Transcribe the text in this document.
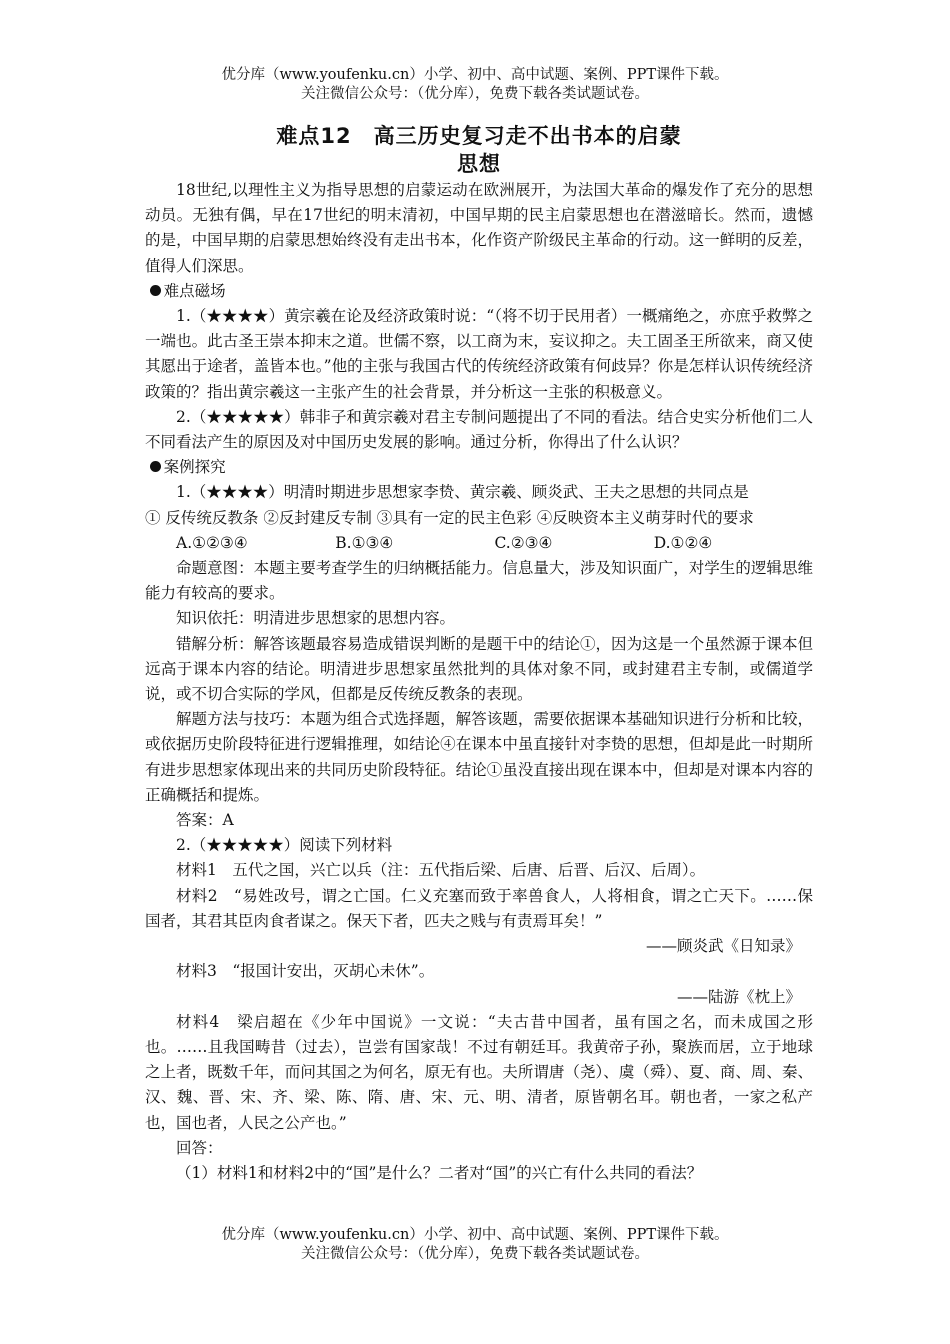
优分库（www.youfenku.cn）小学、初中、高中试题、案例、PPT课件下载。
关注微信公众号：（优分库），免费下载各类试题试卷。
难点12　高三历史复习走不出书本的启蒙
思想

18世纪,以理性主义为指导思想的启蒙运动在欧洲展开，为法国大革命的爆发作了充分的思想动员。无独有偶，早在17世纪的明末清初，中国早期的民主启蒙思想也在潜滋暗长。然而，遗憾的是，中国早期的启蒙思想始终没有走出书本，化作资产阶级民主革命的行动。这一鲜明的反差，值得人们深思。

难点磁场

1.（★★★★）黄宗羲在论及经济政策时说：“（将不切于民用者）一概痛绝之，亦庶乎救弊之一端也。此古圣王崇本抑末之道。世儒不察，以工商为末，妄议抑之。夫工固圣王所欲来，商又使其愿出于途者，盖皆本也。”他的主张与我国古代的传统经济政策有何歧异？你是怎样认识传统经济政策的？指出黄宗羲这一主张产生的社会背景，并分析这一主张的积极意义。

2.（★★★★★）韩非子和黄宗羲对君主专制问题提出了不同的看法。结合史实分析他们二人不同看法产生的原因及对中国历史发展的影响。通过分析，你得出了什么认识？

案例探究

1.（★★★★）明清时期进步思想家李贽、黄宗羲、顾炎武、王夫之思想的共同点是

① 反传统反教条 ②反封建反专制 ③具有一定的民主色彩 ④反映资本主义萌芽时代的要求

A.①②③④	B.①③④	C.②③④	D.①②④

命题意图：本题主要考查学生的归纳概括能力。信息量大，涉及知识面广，对学生的逻辑思维能力有较高的要求。

知识依托：明清进步思想家的思想内容。

错解分析：解答该题最容易造成错误判断的是题干中的结论①，因为这是一个虽然源于课本但远高于课本内容的结论。明清进步思想家虽然批判的具体对象不同，或封建君主专制，或儒道学说，或不切合实际的学风，但都是反传统反教条的表现。

解题方法与技巧：本题为组合式选择题，解答该题，需要依据课本基础知识进行分析和比较，或依据历史阶段特征进行逻辑推理，如结论④在课本中虽直接针对李贽的思想，但却是此一时期所有进步思想家体现出来的共同历史阶段特征。结论①虽没直接出现在课本中，但却是对课本内容的正确概括和提炼。

答案：A

2.（★★★★★）阅读下列材料

材料1　五代之国，兴亡以兵（注：五代指后梁、后唐、后晋、后汉、后周）。

材料2　“易姓改号，谓之亡国。仁义充塞而致于率兽食人，人将相食，谓之亡天下。……保国者，其君其臣肉食者谋之。保天下者，匹夫之贱与有责焉耳矣！”

——顾炎武《日知录》

材料3　“报国计安出，灭胡心未休”。

——陆游《枕上》

材料4　梁启超在《少年中国说》一文说：“夫古昔中国者，虽有国之名，而未成国之形也。……且我国畴昔（过去），岂尝有国家哉！不过有朝廷耳。我黄帝子孙，聚族而居，立于地球之上者，既数千年，而问其国之为何名，原无有也。夫所谓唐（尧）、虞（舜）、夏、商、周、秦、汉、魏、晋、宋、齐、梁、陈、隋、唐、宋、元、明、清者，原皆朝名耳。朝也者，一家之私产也，国也者，人民之公产也。”

回答：

（1）材料1和材料2中的“国”是什么？二者对“国”的兴亡有什么共同的看法？

优分库（www.youfenku.cn）小学、初中、高中试题、案例、PPT课件下载。
关注微信公众号：（优分库），免费下载各类试题试卷。
